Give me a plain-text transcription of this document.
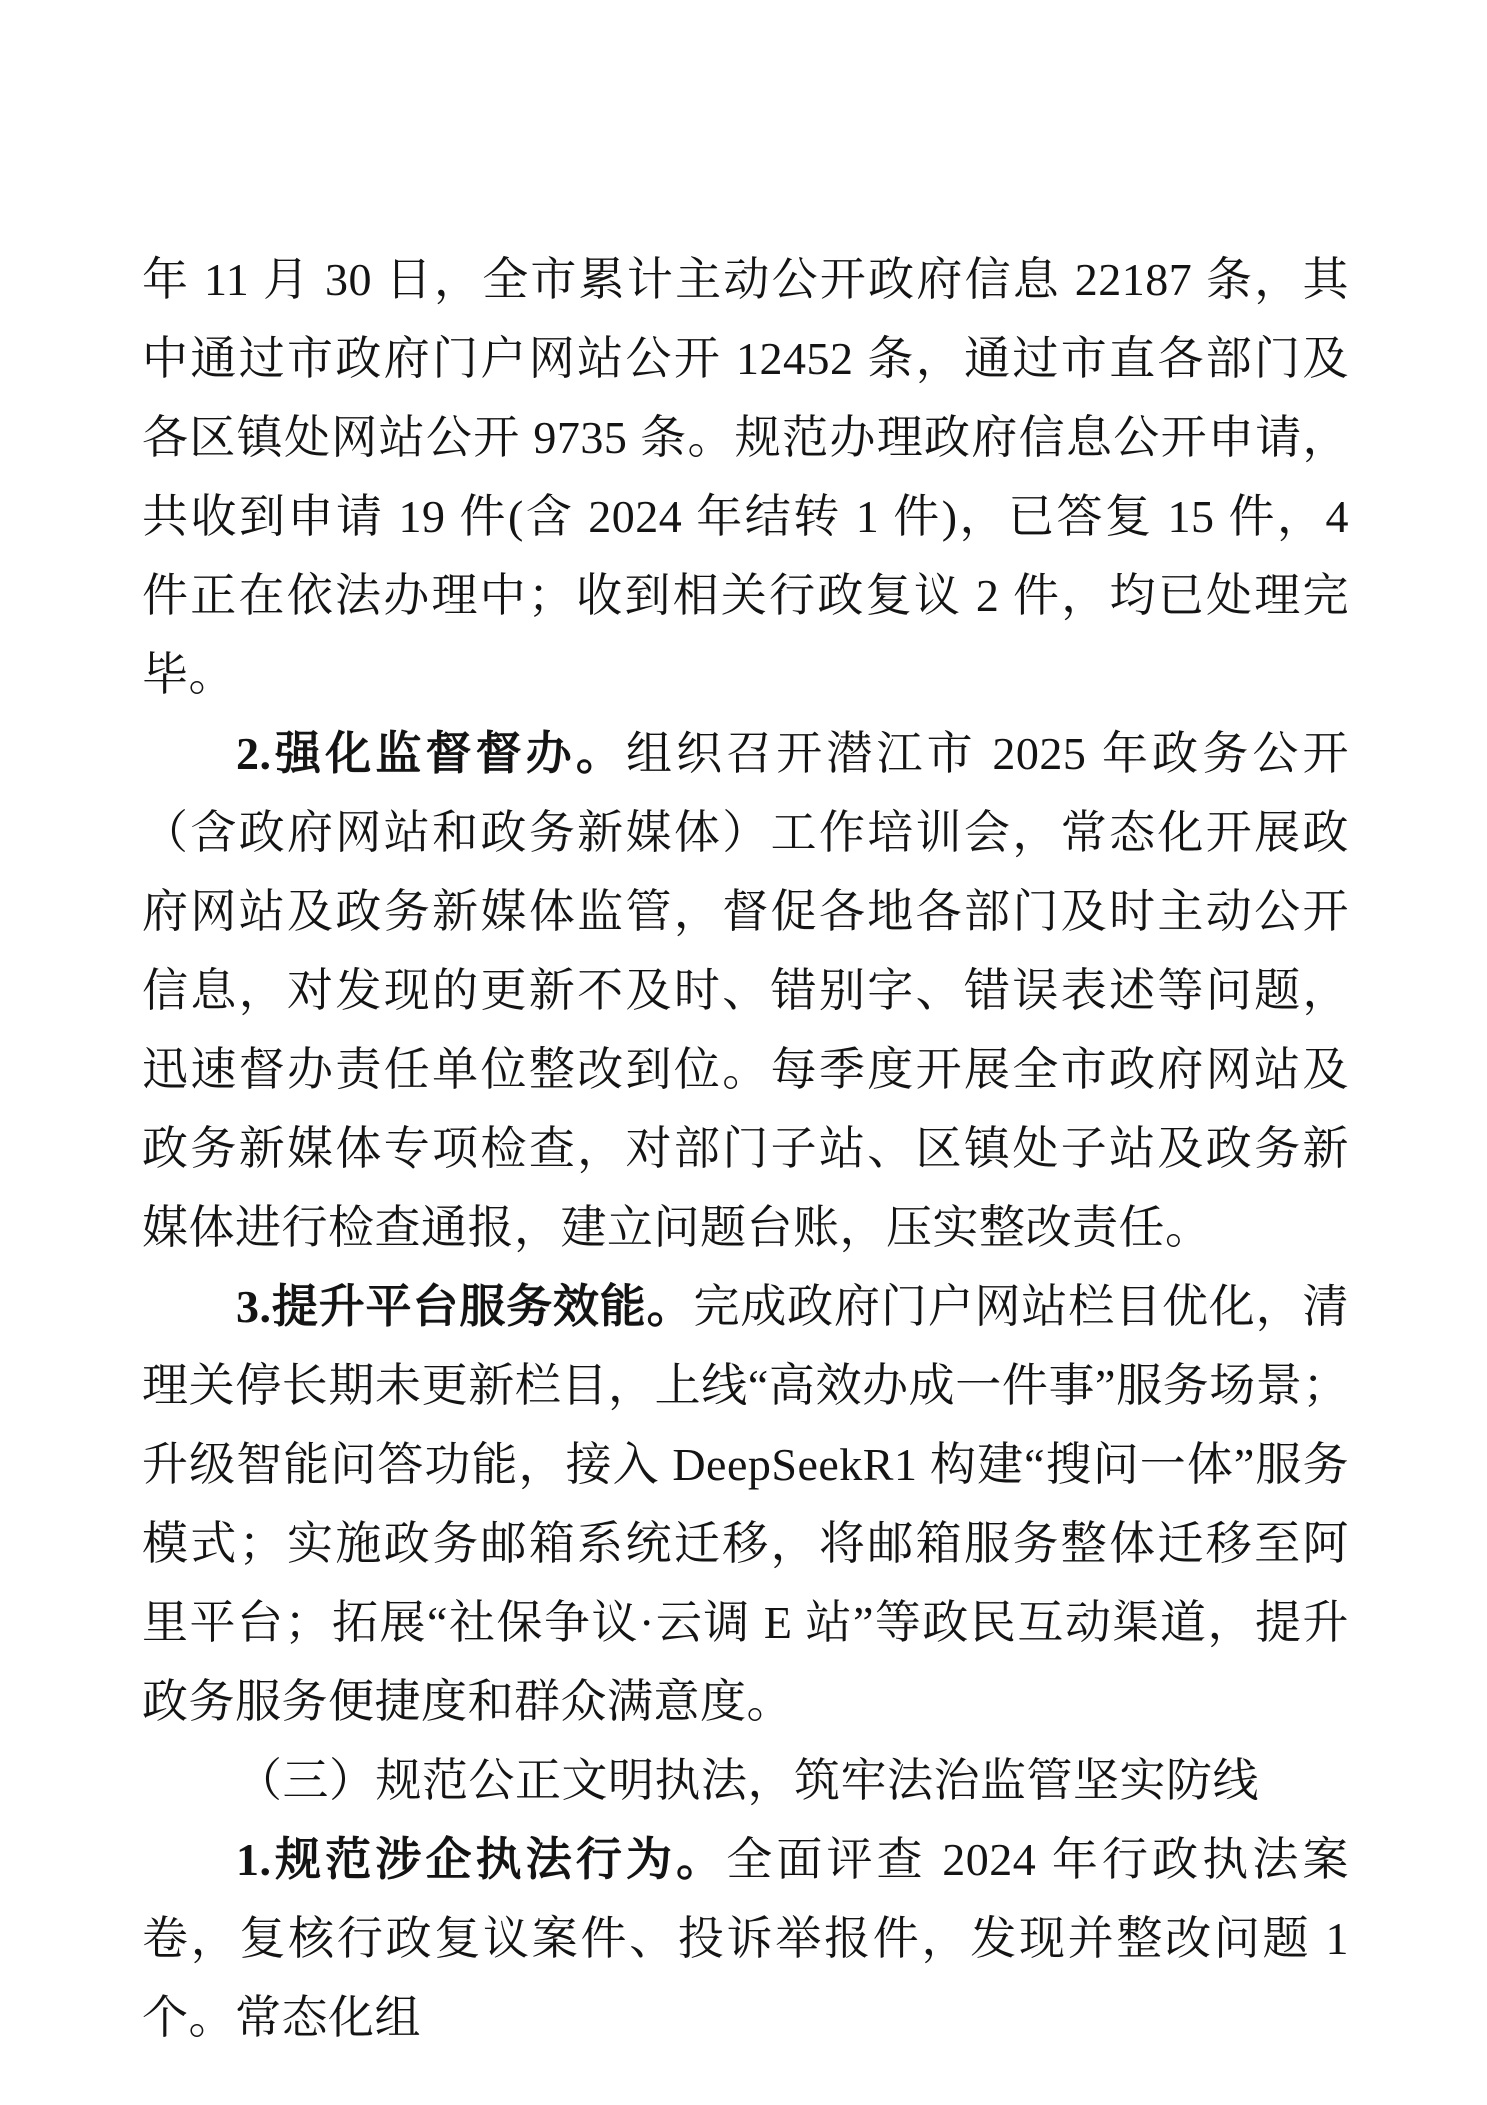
年 11 月 30 日，全市累计主动公开政府信息 22187 条，其中通过市政府门户网站公开 12452 条，通过市直各部门及各区镇处网站公开 9735 条。规范办理政府信息公开申请，共收到申请 19 件(含 2024 年结转 1 件)，已答复 15 件，4 件正在依法办理中；收到相关行政复议 2 件，均已处理完毕。

2.强化监督督办。组织召开潜江市 2025 年政务公开（含政府网站和政务新媒体）工作培训会，常态化开展政府网站及政务新媒体监管，督促各地各部门及时主动公开信息，对发现的更新不及时、错别字、错误表述等问题，迅速督办责任单位整改到位。每季度开展全市政府网站及政务新媒体专项检查，对部门子站、区镇处子站及政务新媒体进行检查通报，建立问题台账，压实整改责任。

3.提升平台服务效能。完成政府门户网站栏目优化，清理关停长期未更新栏目，上线“高效办成一件事”服务场景；升级智能问答功能，接入 DeepSeekR1 构建“搜问一体”服务模式；实施政务邮箱系统迁移，将邮箱服务整体迁移至阿里平台；拓展“社保争议·云调 E 站”等政民互动渠道，提升政务服务便捷度和群众满意度。

（三）规范公正文明执法，筑牢法治监管坚实防线

1.规范涉企执法行为。全面评查 2024 年行政执法案卷，复核行政复议案件、投诉举报件，发现并整改问题 1 个。常态化组
